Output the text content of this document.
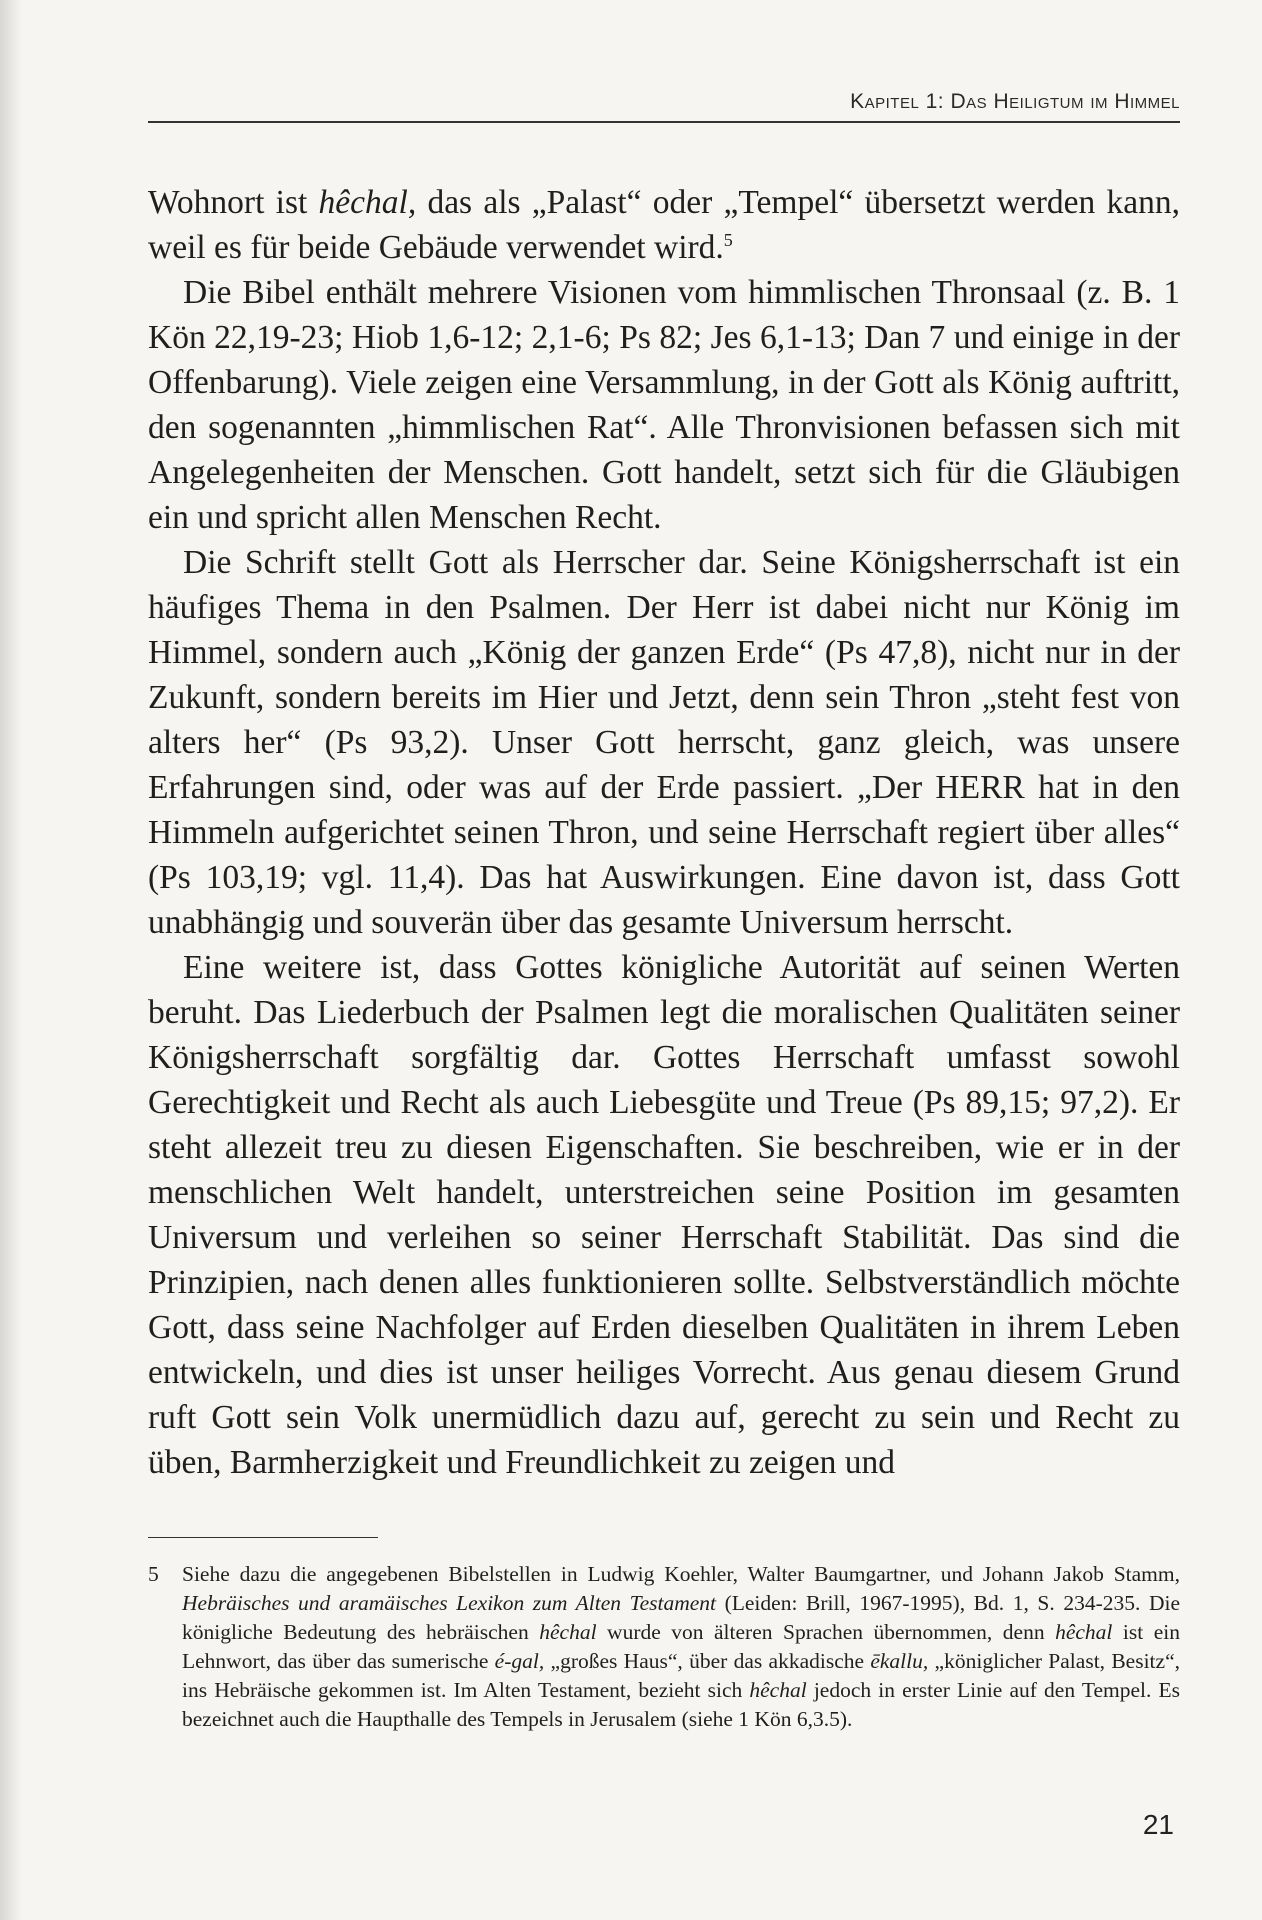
Kapitel 1: Das Heiligtum im Himmel

Wohnort ist hêchal, das als „Palast“ oder „Tempel“ übersetzt werden kann, weil es für beide Gebäude verwendet wird.$^5$

Die Bibel enthält mehrere Visionen vom himmlischen Thronsaal (z. B. 1 Kön 22,19-23; Hiob 1,6-12; 2,1-6; Ps 82; Jes 6,1-13; Dan 7 und einige in der Offenbarung). Viele zeigen eine Versammlung, in der Gott als König auftritt, den sogenannten „himmlischen Rat“. Alle Thronvisionen befassen sich mit Angelegenheiten der Menschen. Gott handelt, setzt sich für die Gläubigen ein und spricht allen Menschen Recht.

Die Schrift stellt Gott als Herrscher dar. Seine Königsherrschaft ist ein häufiges Thema in den Psalmen. Der Herr ist dabei nicht nur König im Himmel, sondern auch „König der ganzen Erde“ (Ps 47,8), nicht nur in der Zukunft, sondern bereits im Hier und Jetzt, denn sein Thron „steht fest von alters her“ (Ps 93,2). Unser Gott herrscht, ganz gleich, was unsere Erfahrungen sind, oder was auf der Erde passiert. „Der HERR hat in den Himmeln aufgerichtet seinen Thron, und seine Herrschaft regiert über alles“ (Ps 103,19; vgl. 11,4). Das hat Auswirkungen. Eine davon ist, dass Gott unabhängig und souverän über das gesamte Universum herrscht.

Eine weitere ist, dass Gottes königliche Autorität auf seinen Werten beruht. Das Liederbuch der Psalmen legt die moralischen Qualitäten seiner Königsherrschaft sorgfältig dar. Gottes Herrschaft umfasst sowohl Gerechtigkeit und Recht als auch Liebesgüte und Treue (Ps 89,15; 97,2). Er steht allezeit treu zu diesen Eigenschaften. Sie beschreiben, wie er in der menschlichen Welt handelt, unterstreichen seine Position im gesamten Universum und verleihen so seiner Herrschaft Stabilität. Das sind die Prinzipien, nach denen alles funktionieren sollte. Selbstverständlich möchte Gott, dass seine Nachfolger auf Erden dieselben Qualitäten in ihrem Leben entwickeln, und dies ist unser heiliges Vorrecht. Aus genau diesem Grund ruft Gott sein Volk unermüdlich dazu auf, gerecht zu sein und Recht zu üben, Barmherzigkeit und Freundlichkeit zu zeigen und

5	Siehe dazu die angegebenen Bibelstellen in Ludwig Koehler, Walter Baumgartner, und Johann Jakob Stamm, Hebräisches und aramäisches Lexikon zum Alten Testament (Leiden: Brill, 1967-1995), Bd. 1, S. 234-235. Die königliche Bedeutung des hebräischen hêchal wurde von älteren Sprachen übernommen, denn hêchal ist ein Lehnwort, das über das sumerische é-gal, „großes Haus“, über das akkadische ēkallu, „königlicher Palast, Besitz“, ins Hebräische gekommen ist. Im Alten Testament, bezieht sich hêchal jedoch in erster Linie auf den Tempel. Es bezeichnet auch die Haupthalle des Tempels in Jerusalem (siehe 1 Kön 6,3.5).
21
